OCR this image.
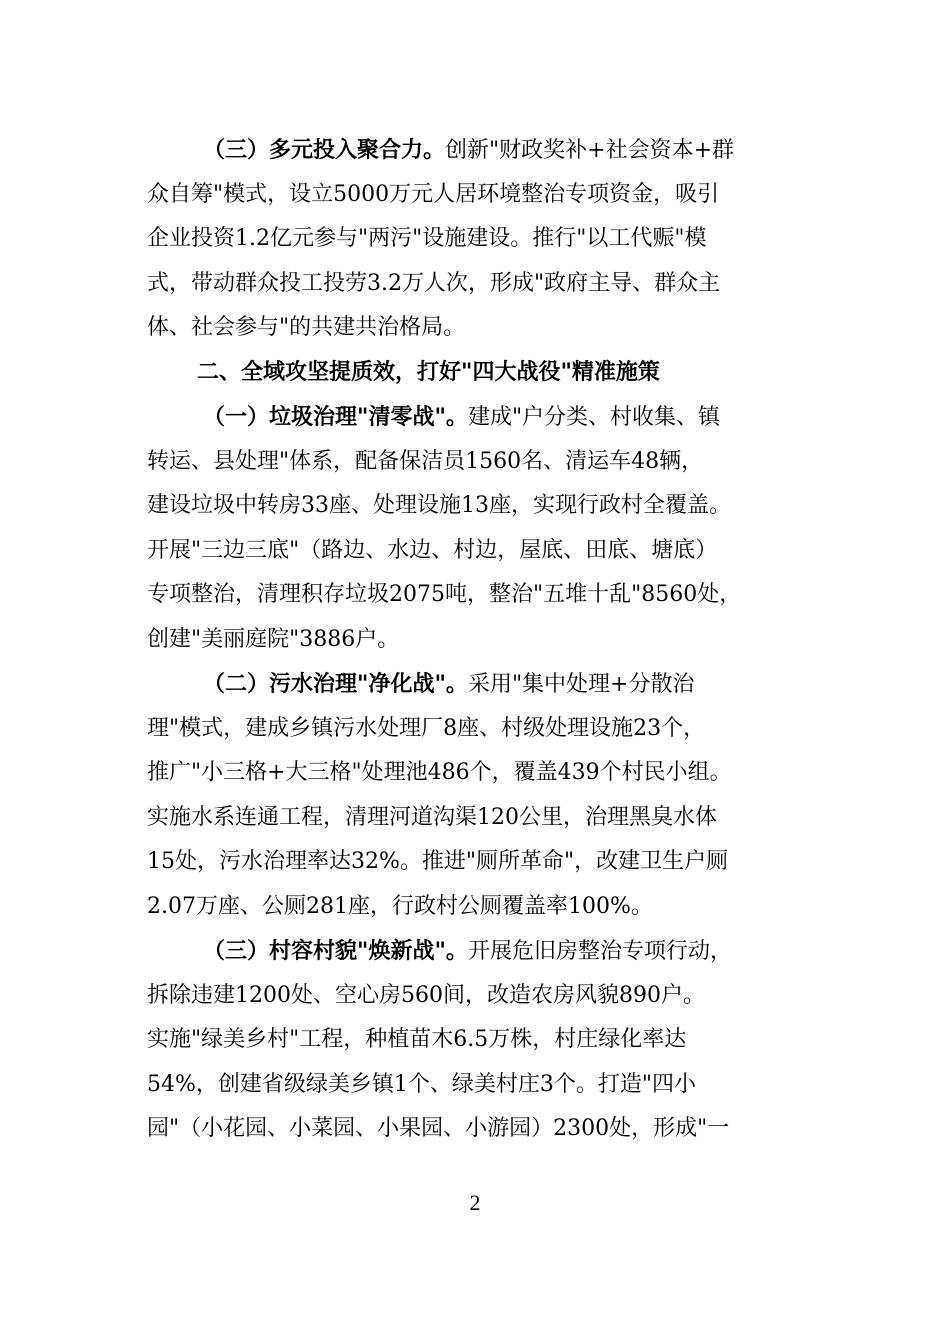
（三）多元投入聚合力。创新"财政奖补+社会资本+群
众自筹"模式，设立5000万元人居环境整治专项资金，吸引
企业投资1.2亿元参与"两污"设施建设。推行"以工代赈"模
式，带动群众投工投劳3.2万人次，形成"政府主导、群众主
体、社会参与"的共建共治格局。
二、全域攻坚提质效，打好"四大战役"精准施策
（一）垃圾治理"清零战"。建成"户分类、村收集、镇
转运、县处理"体系，配备保洁员1560名、清运车48辆，
建设垃圾中转房33座、处理设施13座，实现行政村全覆盖。
开展"三边三底"（路边、水边、村边，屋底、田底、塘底）
专项整治，清理积存垃圾2075吨，整治"五堆十乱"8560处，
创建"美丽庭院"3886户。
（二）污水治理"净化战"。采用"集中处理+分散治
理"模式，建成乡镇污水处理厂8座、村级处理设施23个，
推广"小三格+大三格"处理池486个，覆盖439个村民小组。
实施水系连通工程，清理河道沟渠120公里，治理黑臭水体
15处，污水治理率达32%。推进"厕所革命"，改建卫生户厕
2.07万座、公厕281座，行政村公厕覆盖率100%。
（三）村容村貌"焕新战"。开展危旧房整治专项行动，
拆除违建1200处、空心房560间，改造农房风貌890户。
实施"绿美乡村"工程，种植苗木6.5万株，村庄绿化率达
54%，创建省级绿美乡镇1个、绿美村庄3个。打造"四小
园"（小花园、小菜园、小果园、小游园）2300处，形成"一
2
